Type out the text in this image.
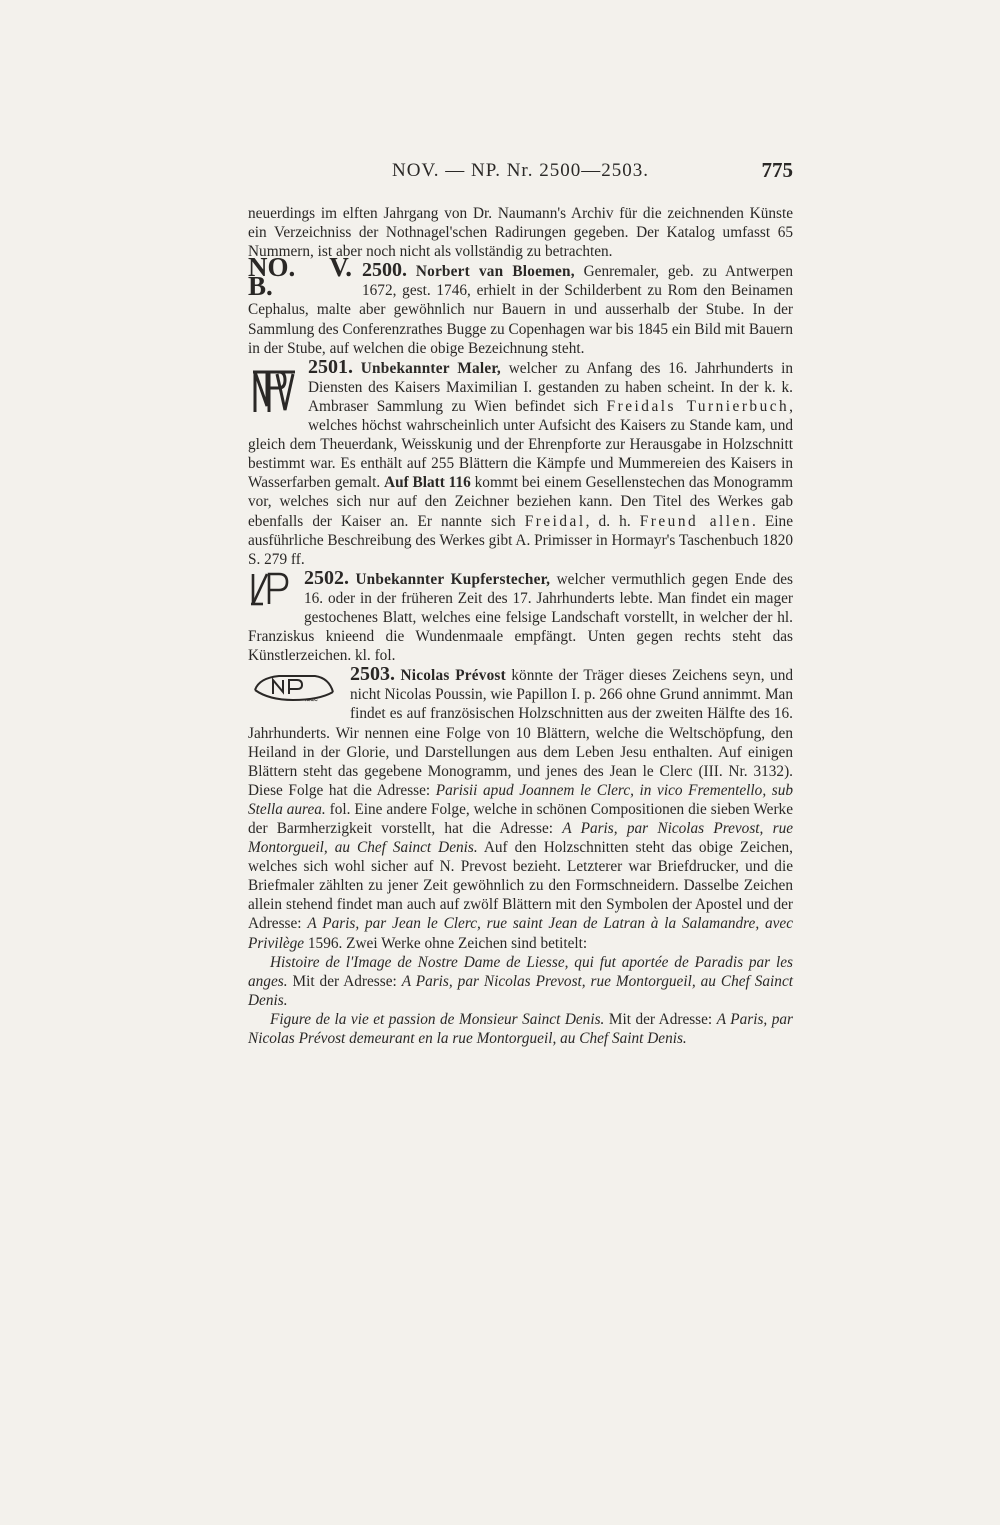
NOV. — NP. Nr. 2500—2503.	775

neuerdings im elften Jahrgang von Dr. Naumann's Archiv für die zeichnenden Künste ein Verzeichniss der Nothnagel'schen Radirungen gegeben. Der Katalog umfasst 65 Nummern, ist aber noch nicht als vollständig zu betrachten.

2500. Norbert van Bloemen,
NO. V. B.	Genremaler, geb. zu Antwerpen 1672, gest. 1746, erhielt in der Schilderbent zu Rom den Beinamen Cephalus, malte aber gewöhnlich nur Bauern in und ausserhalb der Stube. In der Sammlung des Conferenzrathes Bugge zu Copenhagen war bis 1845 ein Bild mit Bauern in der Stube, auf welchen die obige Bezeichnung steht.

2501. Unbekannter Maler,
welcher zu Anfang des 16. Jahrhunderts in Diensten des Kaisers Maximilian I. gestanden zu haben scheint. In der k. k. Ambraser Sammlung zu Wien befindet sich Freidals Turnierbuch, welches höchst wahrscheinlich unter Aufsicht des Kaisers zu Stande kam, und gleich dem Theuerdank, Weisskunig und der Ehrenpforte zur Herausgabe in Holzschnitt bestimmt war. Es enthält auf 255 Blättern die Kämpfe und Mummereien des Kaisers in Wasserfarben gemalt. Auf Blatt 116 kommt bei einem Gesellenstechen das Monogramm vor, welches sich nur auf den Zeichner beziehen kann. Den Titel des Werkes gab ebenfalls der Kaiser an. Er nannte sich Freidal, d. h. Freund allen. Eine ausführliche Beschreibung des Werkes gibt A. Primisser in Hormayr's Taschenbuch 1820 S. 279 ff.

2502. Unbekannter Kupferstecher,
welcher vermuthlich gegen Ende des 16. oder in der früheren Zeit des 17. Jahrhunderts lebte. Man findet ein mager gestochenes Blatt, welches eine felsige Landschaft vorstellt, in welcher der hl. Franziskus knieend die Wundenmaale empfängt. Unten gegen rechts steht das Künstlerzeichen. kl. fol.

2503. Nicolas Prévost
~~~
könnte der Träger dieses Zeichens seyn, und nicht Nicolas Poussin, wie Papillon I. p. 266 ohne Grund annimmt. Man findet es auf französischen Holzschnitten aus der zweiten Hälfte des 16. Jahrhunderts. Wir nennen eine Folge von 10 Blättern, welche die Weltschöpfung, den Heiland in der Glorie, und Darstellungen aus dem Leben Jesu enthalten. Auf einigen Blättern steht das gegebene Monogramm, und jenes des Jean le Clerc (III. Nr. 3132). Diese Folge hat die Adresse: Parisii apud Joannem le Clerc, in vico Frementello, sub Stella aurea. fol. Eine andere Folge, welche in schönen Compositionen die sieben Werke der Barmherzigkeit vorstellt, hat die Adresse: A Paris, par Nicolas Prevost, rue Montorgueil, au Chef Sainct Denis. Auf den Holzschnitten steht das obige Zeichen, welches sich wohl sicher auf N. Prevost bezieht. Letzterer war Briefdrucker, und die Briefmaler zählten zu jener Zeit gewöhnlich zu den Formschneidern. Dasselbe Zeichen allein stehend findet man auch auf zwölf Blättern mit den Symbolen der Apostel und der Adresse: A Paris, par Jean le Clerc, rue saint Jean de Latran à la Salamandre, avec Privilège 1596. Zwei Werke ohne Zeichen sind betitelt:

Histoire de l'Image de Nostre Dame de Liesse, qui fut aportée de Paradis par les anges. Mit der Adresse: A Paris, par Nicolas Prevost, rue Montorgueil, au Chef Sainct Denis.

Figure de la vie et passion de Monsieur Sainct Denis. Mit der Adresse: A Paris, par Nicolas Prévost demeurant en la rue Montorgueil, au Chef Saint Denis.
